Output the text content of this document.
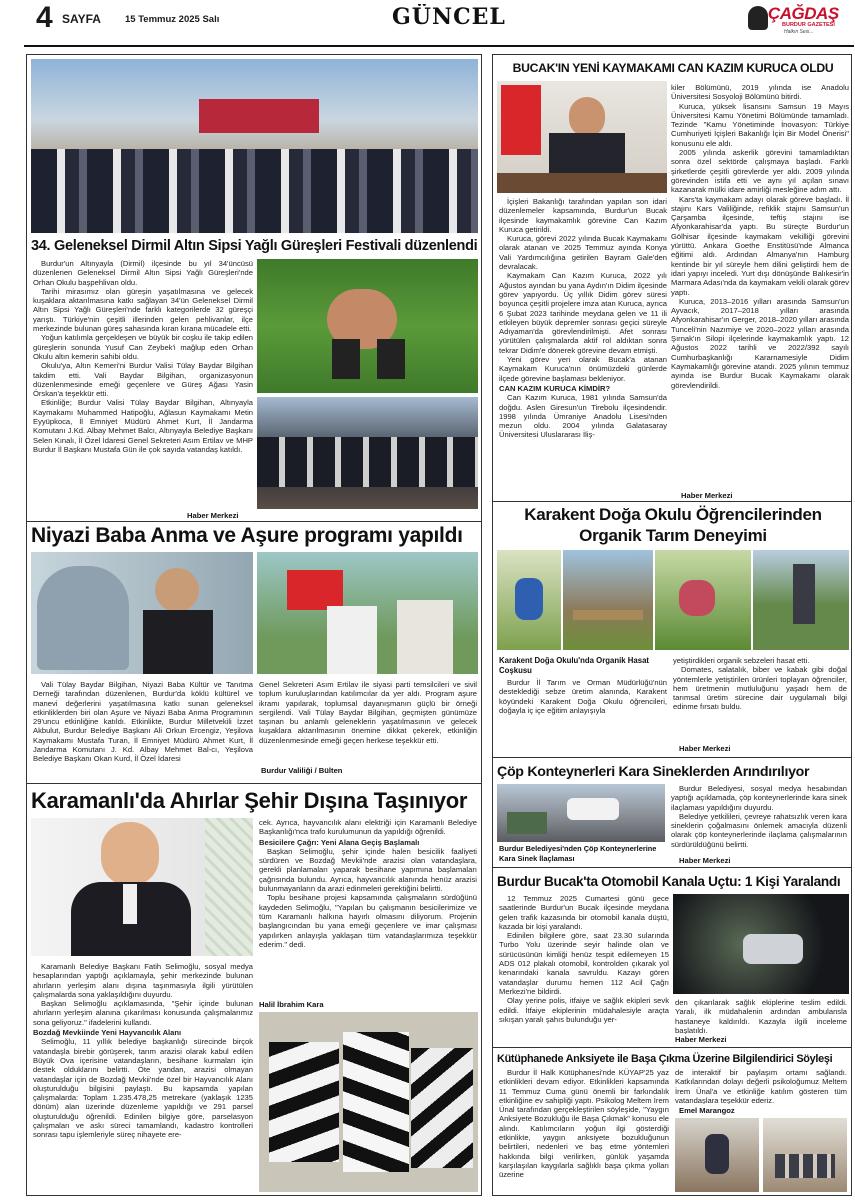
4 SAYFA	15 Temmuz 2025 Salı	GÜNCEL	ÇAĞDAŞ
BURDUR GAZETESİ
Halkın Sesi...
34. Geleneksel Dirmil Altın Sipsi Yağlı Güreşleri Festivali düzenlendi
Burdur'un Altınyayla (Dirmil) ilçesinde bu yıl 34'üncüsü düzenlenen Geleneksel Dirmil Altın Sipsi Yağlı Güreşleri'nde Orhan Okulu başpehlivan oldu.
Tarihi mirasımız olan güreşin yaşatılmasına ve gelecek kuşaklara aktarılmasına katkı sağlayan 34'ün Geleneksel Dirmil Altın Sipsi Yağlı Güreşleri'nde farklı kategorilerde 32 güreşçi yarıştı. Türkiye'nin çeşitli illerinden gelen pehlivanlar, ilçe merkezinde bulunan güreş sahasında kıran kırana mücadele etti.
Yoğun katılımla gerçekleşen ve büyük bir coşku ile takip edilen güreşlerin sonunda Yusuf Can Zeybek'i mağlup eden Orhan Okulu altın kemerin sahibi oldu.
Okulu'ya, Altın Kemeri'ni Burdur Valisi Tülay Baydar Bilgihan takdim etti. Vali Baydar Bilgihan, organizasyonun düzenlenmesinde emeği geçenlere ve Güreş Ağası Yasin Örskan'a teşekkür etti.
Etkinliğe; Burdur Valisi Tülay Baydar Bilgihan, Altınyayla Kaymakamı Muhammed Hatipoğlu, Ağlasun Kaymakamı Metin Eyyüpkoca, İl Emniyet Müdürü Ahmet Kurt, İl Jandarma Komutanı J.Kd. Albay Mehmet Balcı, Altınyayla Belediye Başkanı Selen Kınalı, İl Özel İdaresi Genel Sekreteri Asım Ertilav ve MHP Burdur İl Başkanı Mustafa Gün ile çok sayıda vatandaş katıldı.
Haber Merkezi
Niyazi Baba Anma ve Aşure programı yapıldı
Vali Tülay Baydar Bilgihan, Niyazi Baba Kültür ve Tanıtma Derneği tarafından düzenlenen, Burdur'da köklü kültürel ve manevi değerlerini yaşatılmasına katkı sunan geleneksel etkinliklerden biri olan Aşure ve Niyazi Baba Anma Programının 29'uncu etkinliğine katıldı. Etkinlikte, Burdur Milletvekili İzzet Akbulut, Burdur Belediye Başkanı Ali Orkun Ercengiz, Yeşilova Kaymakamı Mustafa Turan, İl Emniyet Müdürü Ahmet Kurt, İl Jandarma Komutanı J. Kd. Albay Mehmet Bal-cı, Yeşilova Belediye Başkanı Okan Kurd, İl Özel İdaresi
Genel Sekreteri Asım Ertilav ile siyasi parti temsilcileri ve sivil toplum kuruluşlarından katılımcılar da yer aldı. Program aşure ikramı yapılarak, toplumsal dayanışmanın güçlü bir örneği sergilendi. Vali Tülay Baydar Bilgihan, geçmişten günümüze taşınan bu anlamlı geleneklerin yaşatılmasının ve gelecek kuşaklara aktarılmasının önemine dikkat çekerek, etkinliğin düzenlenmesinde emeği geçen herkese teşekkür etti.
Burdur Valiliği / Bülten
Karamanlı'da Ahırlar Şehir Dışına Taşınıyor
Karamanlı Belediye Başkanı Fatih Selimoğlu, sosyal medya hesaplarından yaptığı açıklamayla, şehir merkezinde bulunan ahırların yerleşim alanı dışına taşınmasıyla ilgili yürütülen çalışmalarda sona yaklaşıldığını duyurdu.
Başkan Selimoğlu açıklamasında, "Şehir içinde bulunan ahırların yerleşim alanına çıkarılması konusunda çalışmalarımız sona geliyoruz." ifadelerini kullandı.
Bozdağ Mevkiinde Yeni Hayvancılık Alanı
Selimoğlu, 11 yıllık belediye başkanlığı sürecinde birçok vatandaşla birebir görüşerek, tarım arazisi olarak kabul edilen Büyük Ova içerisine vatandaşların, besihane kurmaları için destek olduklarını belirtti. Öte yandan, arazisi olmayan vatandaşlar için de Bozdağ Mevkii'nde özel bir Hayvancılık Alanı oluşturulduğu bilgisini paylaştı. Bu kapsamda yapılan çalışmalarda: Toplam 1.235.478,25 metrekare (yaklaşık 1235 dönüm) alan üzerinde düzenleme yapıldığı ve 291 parsel oluşturulduğu öğrenildi. Edinilen bilgiye göre, parselasyon çalışmaları ve askı süreci tamamlandı, kadastro kontrolleri sonrası tapu işlemleriyle süreç nihayete ere-
cek. Ayrıca, hayvancılık alanı elektriği için Karamanlı Belediye Başkanlığı'nca trafo kurulumunun da yapıldığı öğrenildi.
Besicilere Çağrı: Yeni Alana Geçiş Başlamalı
Başkan Selimoğlu, şehir içinde halen besicilik faaliyeti sürdüren ve Bozdağ Mevkii'nde arazisi olan vatandaşlara, gerekli planlamaları yaparak besihane yapımına başlamaları çağrısında bulundu. Ayrıca, hayvancılık alanında henüz arazisi bulunmayanların da arazi edinmeleri gerektiğini belirtti.
Toplu besihane projesi kapsamında çalışmaların sürdüğünü kaydeden Selimoğlu, "Yapılan bu çalışmanın besicilerimize ve tüm Karamanlı halkına hayırlı olmasını diliyorum. Projenin başlangıcından bu yana emeği geçenlere ve imar çalışması yapılırken anlayışla yaklaşan tüm vatandaşlarımıza teşekkür ederim." dedi.
Halil İbrahim Kara
BUCAK'IN YENİ KAYMAKAMI CAN KAZIM KURUCA OLDU
kiler Bölümünü, 2019 yılında ise Anadolu Üniversitesi Sosyoloji Bölümünü bitirdi.
Kuruca, yüksek lisansını Samsun 19 Mayıs Üniversitesi Kamu Yönetimi Bölümünde tamamladı. Tezinde "Kamu Yönetiminde İnovasyon: Türkiye Cumhuriyeti İçişleri Bakanlığı İçin Bir Model Önerisi" konusunu ele aldı.
2005 yılında askerlik görevini tamamladıktan sonra özel sektörde çalışmaya başladı. Farklı şirketlerde çeşitli görevlerde yer aldı. 2009 yılında görevinden istifa etti ve aynı yıl açılan sınavı kazanarak mülki idare amirliği mesleğine adım attı.
Kars'ta kaymakam adayı olarak göreve başladı. İl stajını Kars Valiliğinde, refiklik stajını Samsun'un Çarşamba ilçesinde, teftiş stajını ise Afyonkarahisar'da yaptı. Bu süreçte Burdur'un Gölhisar ilçesinde kaymakam vekilliği görevini yürüttü. Ankara Goethe Enstitüsü'nde Almanca eğitimi aldı. Ardından Almanya'nın Hamburg kentinde bir yıl süreyle hem dilini geliştirdi hem de idari yapıyı inceledi. Yurt dışı dönüşünde Balıkesir'in Marmara Adası'nda da kaymakam vekili olarak görev yaptı.
Kuruca, 2013–2016 yılları arasında Samsun'un Ayvacık, 2017–2018 yılları arasında Afyonkarahisar'ın Gerger, 2018–2020 yılları arasında Tunceli'nin Nazımiye ve 2020–2022 yılları arasında Şırnak'ın Silopi ilçelerinde kaymakamlık yaptı. 12 Ağustos 2022 tarihli ve 2022/392 sayılı Cumhurbaşkanlığı Kararnamesiyle Didim Kaymakamlığı görevine atandı. 2025 yılının temmuz ayında ise Burdur Bucak Kaymakamı olarak görevlendirildi.
İçişleri Bakanlığı tarafından yapılan son idari düzenlemeler kapsamında, Burdur'un Bucak ilçesinde kaymakamlık görevine Can Kazım Kuruca getirildi.
Kuruca, görevi 2022 yılında Bucak Kaymakamı olarak atanan ve 2025 Temmuz ayında Konya Vali Yardımcılığına getirilen Bayram Gale'den devralacak.
Kaymakam Can Kazım Kuruca, 2022 yılı Ağustos ayından bu yana Aydın'ın Didim ilçesinde görev yapıyordu. Üç yıllık Didim görev süresi boyunca çeşitli projelere imza atan Kuruca, ayrıca 6 Şubat 2023 tarihinde meydana gelen ve 11 ili etkileyen büyük depremler sonrası geçici süreyle Adıyaman'da görevlendirilmişti. Afet sonrası yürütülen çalışmalarda aktif rol aldıktan sonra tekrar Didim'e dönerek görevine devam etmişti.
Yeni görev yeri olarak Bucak'a atanan Kaymakam Kuruca'nın önümüzdeki günlerde ilçede görevine başlaması bekleniyor.
CAN KAZIM KURUCA KİMDİR?
Can Kazım Kuruca, 1981 yılında Samsun'da doğdu. Aslen Giresun'un Tirebolu ilçesindendir. 1998 yılında Ümraniye Anadolu Lisesi'nden mezun oldu. 2004 yılında Galatasaray Üniversitesi Uluslararası İliş-
Haber Merkezi
Karakent Doğa Okulu Öğrencilerinden
Organik Tarım Deneyimi
Karakent Doğa Okulu'nda Organik Hasat Coşkusu
Burdur İl Tarım ve Orman Müdürlüğü'nün desteklediği sebze üretim alanında, Karakent köyündeki Karakent Doğa Okulu öğrencileri, doğayla iç içe eğitim anlayışıyla
yetiştirdikleri organik sebzeleri hasat etti.
Domates, salatalık, biber ve kabak gibi doğal yöntemlerle yetiştirilen ürünleri toplayan öğrenciler, hem üretmenin mutluluğunu yaşadı hem de tarımsal üretim sürecine dair uygulamalı bilgi edinme fırsatı buldu.
Haber Merkezi
Çöp Konteynerleri Kara Sineklerden Arındırılıyor
Burdur Belediyesi'nden Çöp Konteynerlerine Kara Sinek İlaçlaması
Burdur Belediyesi, sosyal medya hesabından yaptığı açıklamada, çöp konteynerlerinde kara sinek ilaçlaması yapıldığını duyurdu.
Belediye yetkilileri, çevreye rahatsızlık veren kara sineklerin çoğalmasını önlemek amacıyla düzenli olarak çöp konteynerlerinde ilaçlama çalışmalarının sürdürüldüğünü belirtti.
Haber Merkezi
Burdur Bucak'ta Otomobil Kanala Uçtu: 1 Kişi Yaralandı
12 Temmuz 2025 Cumartesi günü gece saatlerinde Burdur'un Bucak ilçesinde meydana gelen trafik kazasında bir otomobil kanala düştü, kazada bir kişi yaralandı.
Edinilen bilgilere göre, saat 23.30 sularında Turbo Yolu üzerinde seyir halinde olan ve sürücüsünün kimliği henüz tespit edilemeyen 15 ADS 012 plakalı otomobil, kontrolden çıkarak yol kenarındaki kanala savruldu. Kazayı gören vatandaşlar durumu hemen 112 Acil Çağrı Merkezi'ne bildirdi.
Olay yerine polis, itfaiye ve sağlık ekipleri sevk edildi. İtfaiye ekiplerinin müdahalesiyle araçta sıkışan yaralı şahıs bulunduğu yer-
den çıkarılarak sağlık ekiplerine teslim edildi. Yaralı, ilk müdahalenin ardından ambulansla hastaneye kaldırıldı. Kazayla ilgili inceleme başlatıldı.
Haber Merkezi
Kütüphanede Anksiyete ile Başa Çıkma Üzerine Bilgilendirici Söyleşi
Burdur İl Halk Kütüphanesi'nde KÜYAP'25 yaz etkinlikleri devam ediyor. Etkinlikleri kapsamında 11 Temmuz Cuma günü önemli bir farkındalık etkinliğine ev sahipliği yaptı. Psikolog Meltem İrem Ünal tarafından gerçekleştirilen söyleşide, "Yaygın Anksiyete Bozukluğu ile Başa Çıkmak" konusu ele alındı. Katılımcıların yoğun ilgi gösterdiği etkinlikte, yaygın anksiyete bozukluğunun belirtileri, nedenleri ve baş etme yöntemleri hakkında bilgi verilirken, günlük yaşamda karşılaşılan kaygılarla sağlıklı başa çıkma yolları üzerine
de interaktif bir paylaşım ortamı sağlandı. Katkılarından dolayı değerli psikoloğumuz Meltem İrem Ünal'a ve etkinliğe katılım gösteren tüm vatandaşlara teşekkür ederiz.
Emel Marangoz
